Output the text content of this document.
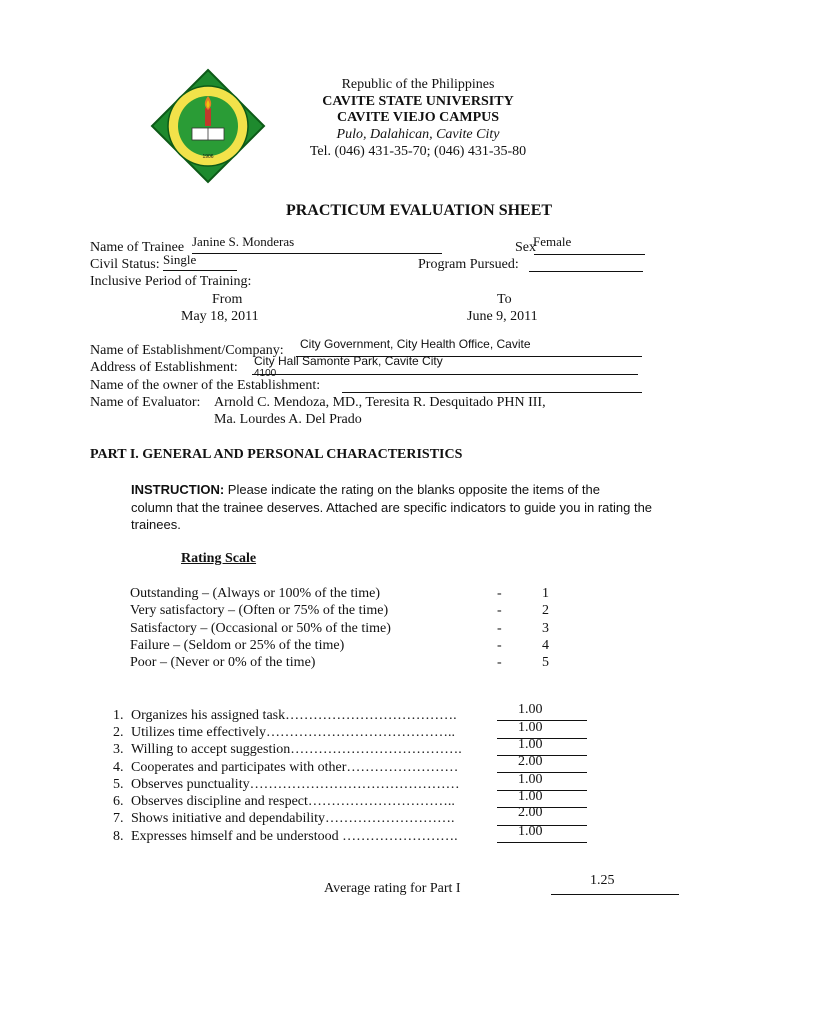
1906
Republic of the Philippines
CAVITE STATE UNIVERSITY
CAVITE VIEJO CAMPUS
Pulo, Dalahican, Cavite City
Tel. (046) 431-35-70; (046) 431-35-80
PRACTICUM EVALUATION SHEET
Name of Trainee Janine S. Monderas	Sex
Female
Civil Status: Single	Program Pursued:
Inclusive Period of Training:
From	To
May 18, 2011	June 9, 2011
Name of Establishment/Company: City Government, City Health Office, Cavite
Address of Establishment: City Hall Samonte Park, Cavite City
4100
Name of the owner of the Establishment:
Name of Evaluator: Arnold C. Mendoza, MD., Teresita R. Desquitado PHN III,
Ma. Lourdes A. Del Prado
PART I. GENERAL AND PERSONAL CHARACTERISTICS
INSTRUCTION: Please indicate the rating on the blanks opposite the items of the
column that the trainee deserves. Attached are specific indicators to guide you in rating the
trainees.
Rating Scale
Outstanding – (Always or 100% of the time)	-	1
Very satisfactory – (Often or 75% of the time)	-	2
Satisfactory – (Occasional or 50% of the time)	-	3
Failure – (Seldom or 25% of the time)	-	4
Poor – (Never or 0% of the time)	-	5
1. Organizes his assigned task……………………………….	1.00
2. Utilizes time effectively…………………………………..	1.00
3. Willing to accept suggestion……………………………….	1.00
4. Cooperates and participates with other……………………	2.00
5. Observes punctuality………………………………………	1.00
6. Observes discipline and respect…………………………..	1.00
7. Shows initiative and dependability……………………….	2.00
8. Expresses himself and be understood …………………….	1.00
Average rating for Part I
1.25
